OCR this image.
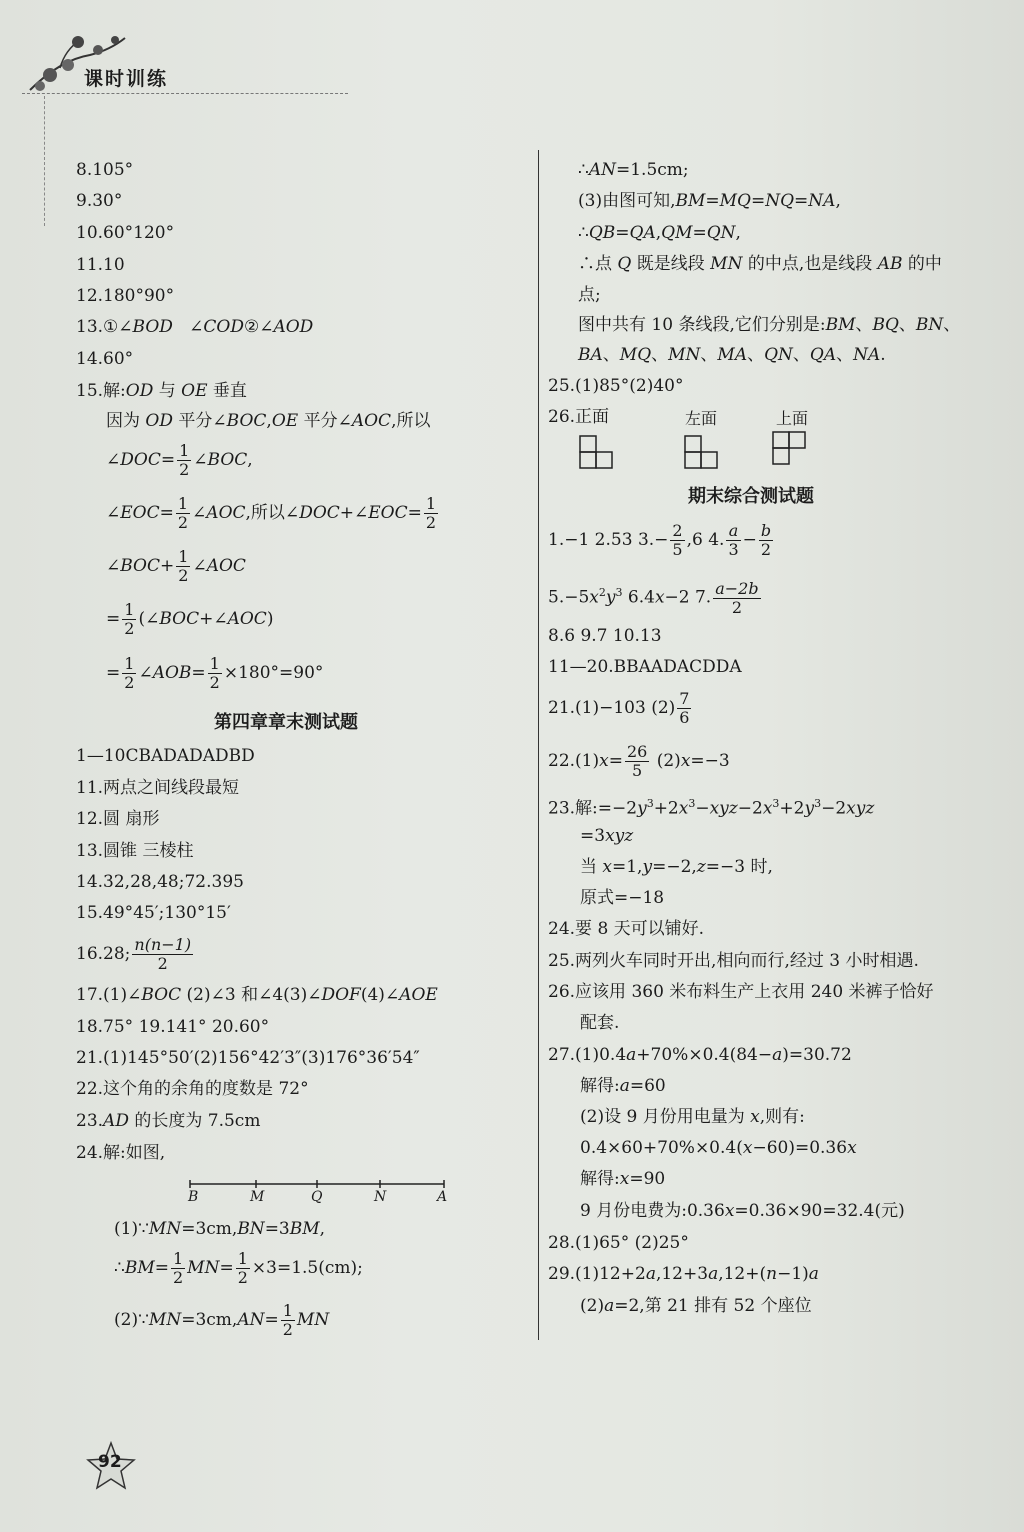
课时训练
8.105°
9.30°
10.60°120°
11.10
12.180°90°
13.①∠BOD ∠COD②∠AOD
14.60°
15.解:OD 与 OE 垂直
因为 OD 平分∠BOC,OE 平分∠AOC,所以
∠DOC= $\frac{1}{2}$ ∠BOC,
∠EOC= $\frac{1}{2}$ ∠AOC,所以∠DOC+∠EOC= $\frac{1}{2}$
∠BOC+ $\frac{1}{2}$ ∠AOC
= $\frac{1}{2}$ (∠BOC+∠AOC)
= $\frac{1}{2}$ ∠AOB= $\frac{1}{2} \times 180^\circ=90^\circ$
第四章章末测试题
1—10CBADADADBD
11.两点之间线段最短
12.圆 扇形
13.圆锥 三棱柱
14.32,28,48;72.395
15.49°45′;130°15′
16.28; $\frac{n(n-1)}{2}$
17.(1)∠BOC (2)∠3 和∠4(3)∠DOF(4)∠AOE
18.75° 19.141° 20.60°
21.(1)145°50′(2)156°42′3″(3)176°36′54″
22.这个角的余角的度数是 72°
23.AD 的长度为 7.5cm
24.解:如图,
B	M	Q	N	A
(1)∵MN=3cm,BN=3BM,
∴BM= $\frac{1}{2} MN= \frac{1}{2} \times 3=1.5(cm)$;
(2)∵MN=3cm,AN= $\frac{1}{2}$ MN
∴AN=1.5cm;
(3)由图可知,BM=MQ=NQ=NA,
∴QB=QA,QM=QN,
∴点 Q 既是线段 MN 的中点,也是线段 AB 的中
点;
图中共有 10 条线段,它们分别是:BM、BQ、BN、
BA、MQ、MN、MA、QN、QA、NA.
25.(1)85°(2)40°
26.正面	左面	上面
期末综合测试题
1.−1 2.53 $3.- \frac{2}{5} ,6$ 4. $\frac{a}{3} - \frac{b}{2}$
$5.-5x^2y^3$ 6.4x−2 7. $\frac{a-2b}{2}$
8.6 9.7 10.13
11—20.BBAADACDDA
21.(1)−103 $(2) \frac{7}{6}$
$22.(1)x= \frac{26}{5} (2)x=-3$
23.解$:=-2y^3+2x^3-xyz-2x^3+2y^3-2xyz$
=3xyz
当 x=1,y=−2,z=−3 时,
原式=−18
24.要 8 天可以铺好.
25.两列火车同时开出,相向而行,经过 3 小时相遇.
26.应该用 360 米布料生产上衣用 240 米裤子恰好
配套.
27.(1)0.4a+70%×0.4(84−a)=30.72
解得:a=60
(2)设 9 月份用电量为 x,则有:
0.4×60+70%×0.4(x−60)=0.36x
解得:x=90
9 月份电费为:0.36x=0.36×90=32.4(元)
28.(1)65° (2)25°
29.(1)12+2a,12+3a,12+(n−1)a
(2)a=2,第 21 排有 52 个座位
92
